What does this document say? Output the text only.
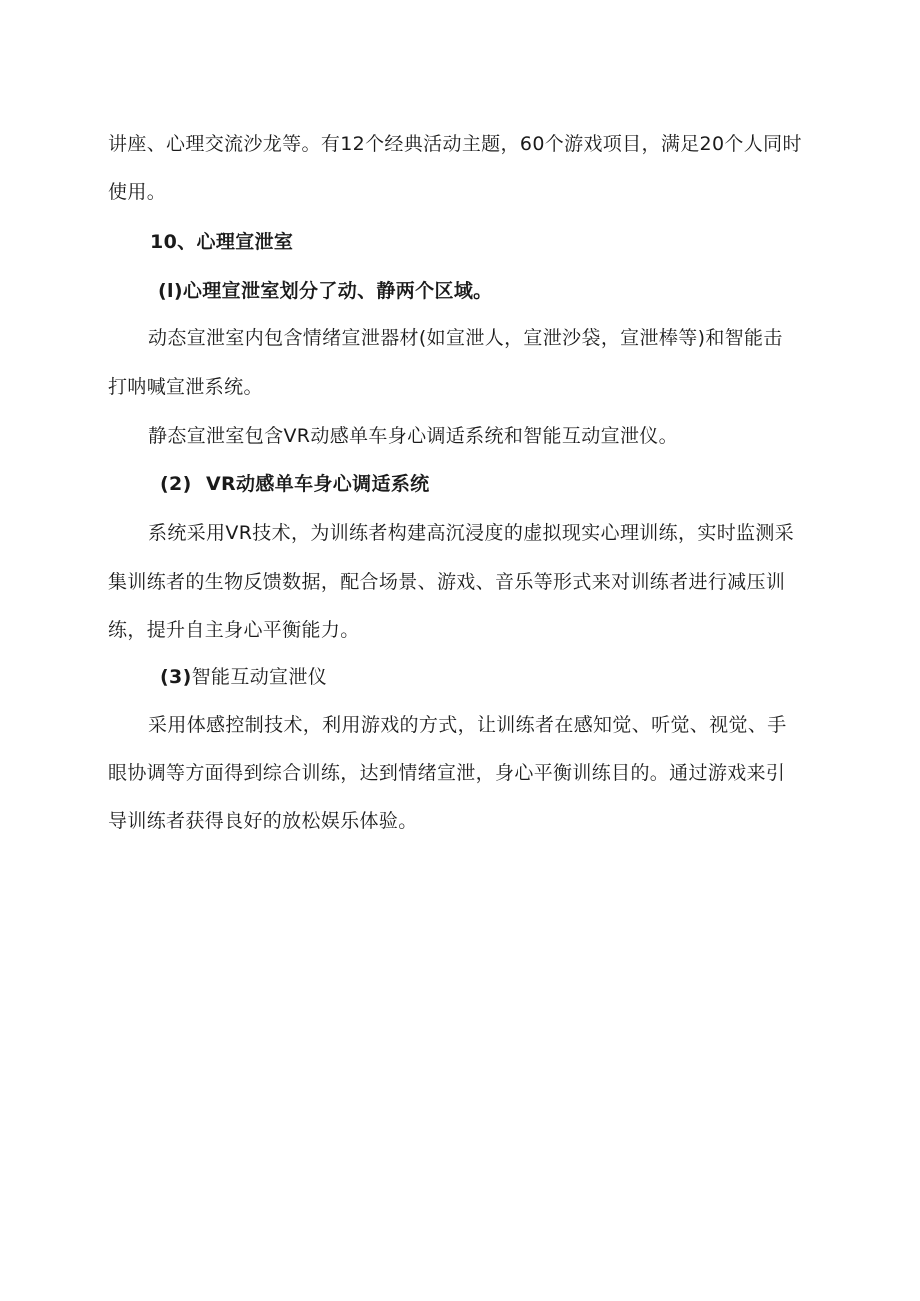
讲座、心理交流沙龙等。有12个经典活动主题，60个游戏项目，满足20个人同时
使用。
10、心理宣泄室
(l)心理宣泄室划分了动、静两个区域。
动态宣泄室内包含情绪宣泄器材(如宣泄人，宣泄沙袋，宣泄棒等)和智能击
打呐喊宣泄系统。
静态宣泄室包含VR动感单车身心调适系统和智能互动宣泄仪。
(2) VR动感单车身心调适系统
系统采用VR技术，为训练者构建高沉浸度的虚拟现实心理训练，实时监测采
集训练者的生物反馈数据，配合场景、游戏、音乐等形式来对训练者进行减压训
练，提升自主身心平衡能力。
(3)智能互动宣泄仪
采用体感控制技术，利用游戏的方式，让训练者在感知觉、听觉、视觉、手
眼协调等方面得到综合训练，达到情绪宣泄，身心平衡训练目的。通过游戏来引
导训练者获得良好的放松娱乐体验。
